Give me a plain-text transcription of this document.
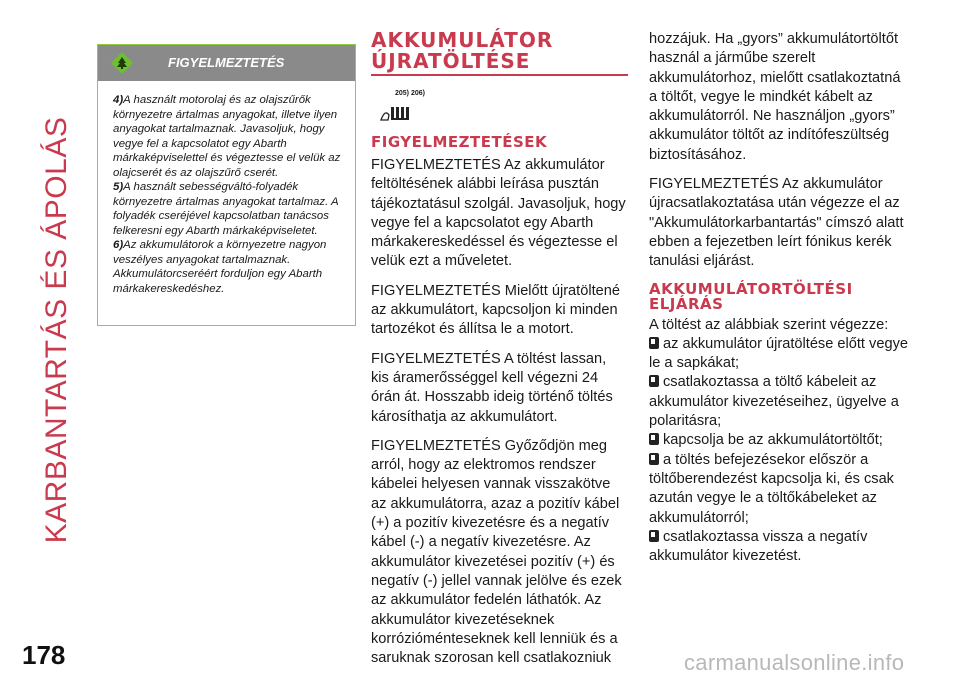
KARBANTARTÁS ÉS ÁPOLÁS
178
FIGYELMEZTETÉS

4)A használt motorolaj és az olajszűrők környezetre ártalmas anyagokat, illetve ilyen anyagokat tartalmaznak. Javasoljuk, hogy vegye fel a kapcsolatot egy Abarth márkaképviselettel és végeztesse el velük az olajcserét és az olajszűrő cserét.

5)A használt sebességváltó-folyadék környezetre ártalmas anyagokat tartalmaz. A folyadék cseréjével kapcsolatban tanácsos felkeresni egy Abarth márkaképviseletet.

6)Az akkumulátorok a környezetre nagyon veszélyes anyagokat tartalmaznak. Akkumulátorcseréért forduljon egy Abarth márkakereskedéshez.

AKKUMULÁTOR
ÚJRATÖLTÉSE
205) 206)
FIGYELMEZTETÉSEK

FIGYELMEZTETÉS Az akkumulátor feltöltésének alábbi leírása pusztán tájékoztatásul szolgál. Javasoljuk, hogy vegye fel a kapcsolatot egy Abarth márkakereskedéssel és végeztesse el velük ezt a műveletet.

FIGYELMEZTETÉS Mielőtt újratöltené az akkumulátort, kapcsoljon ki minden tartozékot és állítsa le a motort.

FIGYELMEZTETÉS A töltést lassan, kis áramerősséggel kell végezni 24 órán át. Hosszabb ideig történő töltés károsíthatja az akkumulátort.

FIGYELMEZTETÉS Győződjön meg arról, hogy az elektromos rendszer kábelei helyesen vannak visszakötve az akkumulátorra, azaz a pozitív kábel (+) a pozitív kivezetésre és a negatív kábel (-) a negatív kivezetésre. Az akkumulátor kivezetései pozitív (+) és negatív (-) jellel vannak jelölve és ezek az akkumulátor fedelén láthatók. Az akkumulátor kivezetéseknek korrózióménteseknek kell lenniük és a saruknak szorosan kell csatlakozniuk

hozzájuk. Ha „gyors” akkumulátortöltőt használ a járműbe szerelt akkumulátorhoz, mielőtt csatlakoztatná a töltőt, vegye le mindkét kábelt az akkumulátorról. Ne használjon „gyors” akkumulátor töltőt az indítófeszültség biztosításához.

FIGYELMEZTETÉS Az akkumulátor újracsatlakoztatása után végezze el az "Akkumulátorkarbantartás" címszó alatt ebben a fejezetben leírt fónikus kerék tanulási eljárást.

AKKUMULÁTORTÖLTÉSI
ELJÁRÁS

A töltést az alábbiak szerint végezze:

az akkumulátor újratöltése előtt vegye le a sapkákat;

csatlakoztassa a töltő kábeleit az akkumulátor kivezetéseihez, ügyelve a polaritásra;

kapcsolja be az akkumulátortöltőt;

a töltés befejezésekor először a töltőberendezést kapcsolja ki, és csak azután vegye le a töltőkábeleket az akkumulátorról;

csatlakoztassa vissza a negatív akkumulátor kivezetést.

carmanualsonline.info
